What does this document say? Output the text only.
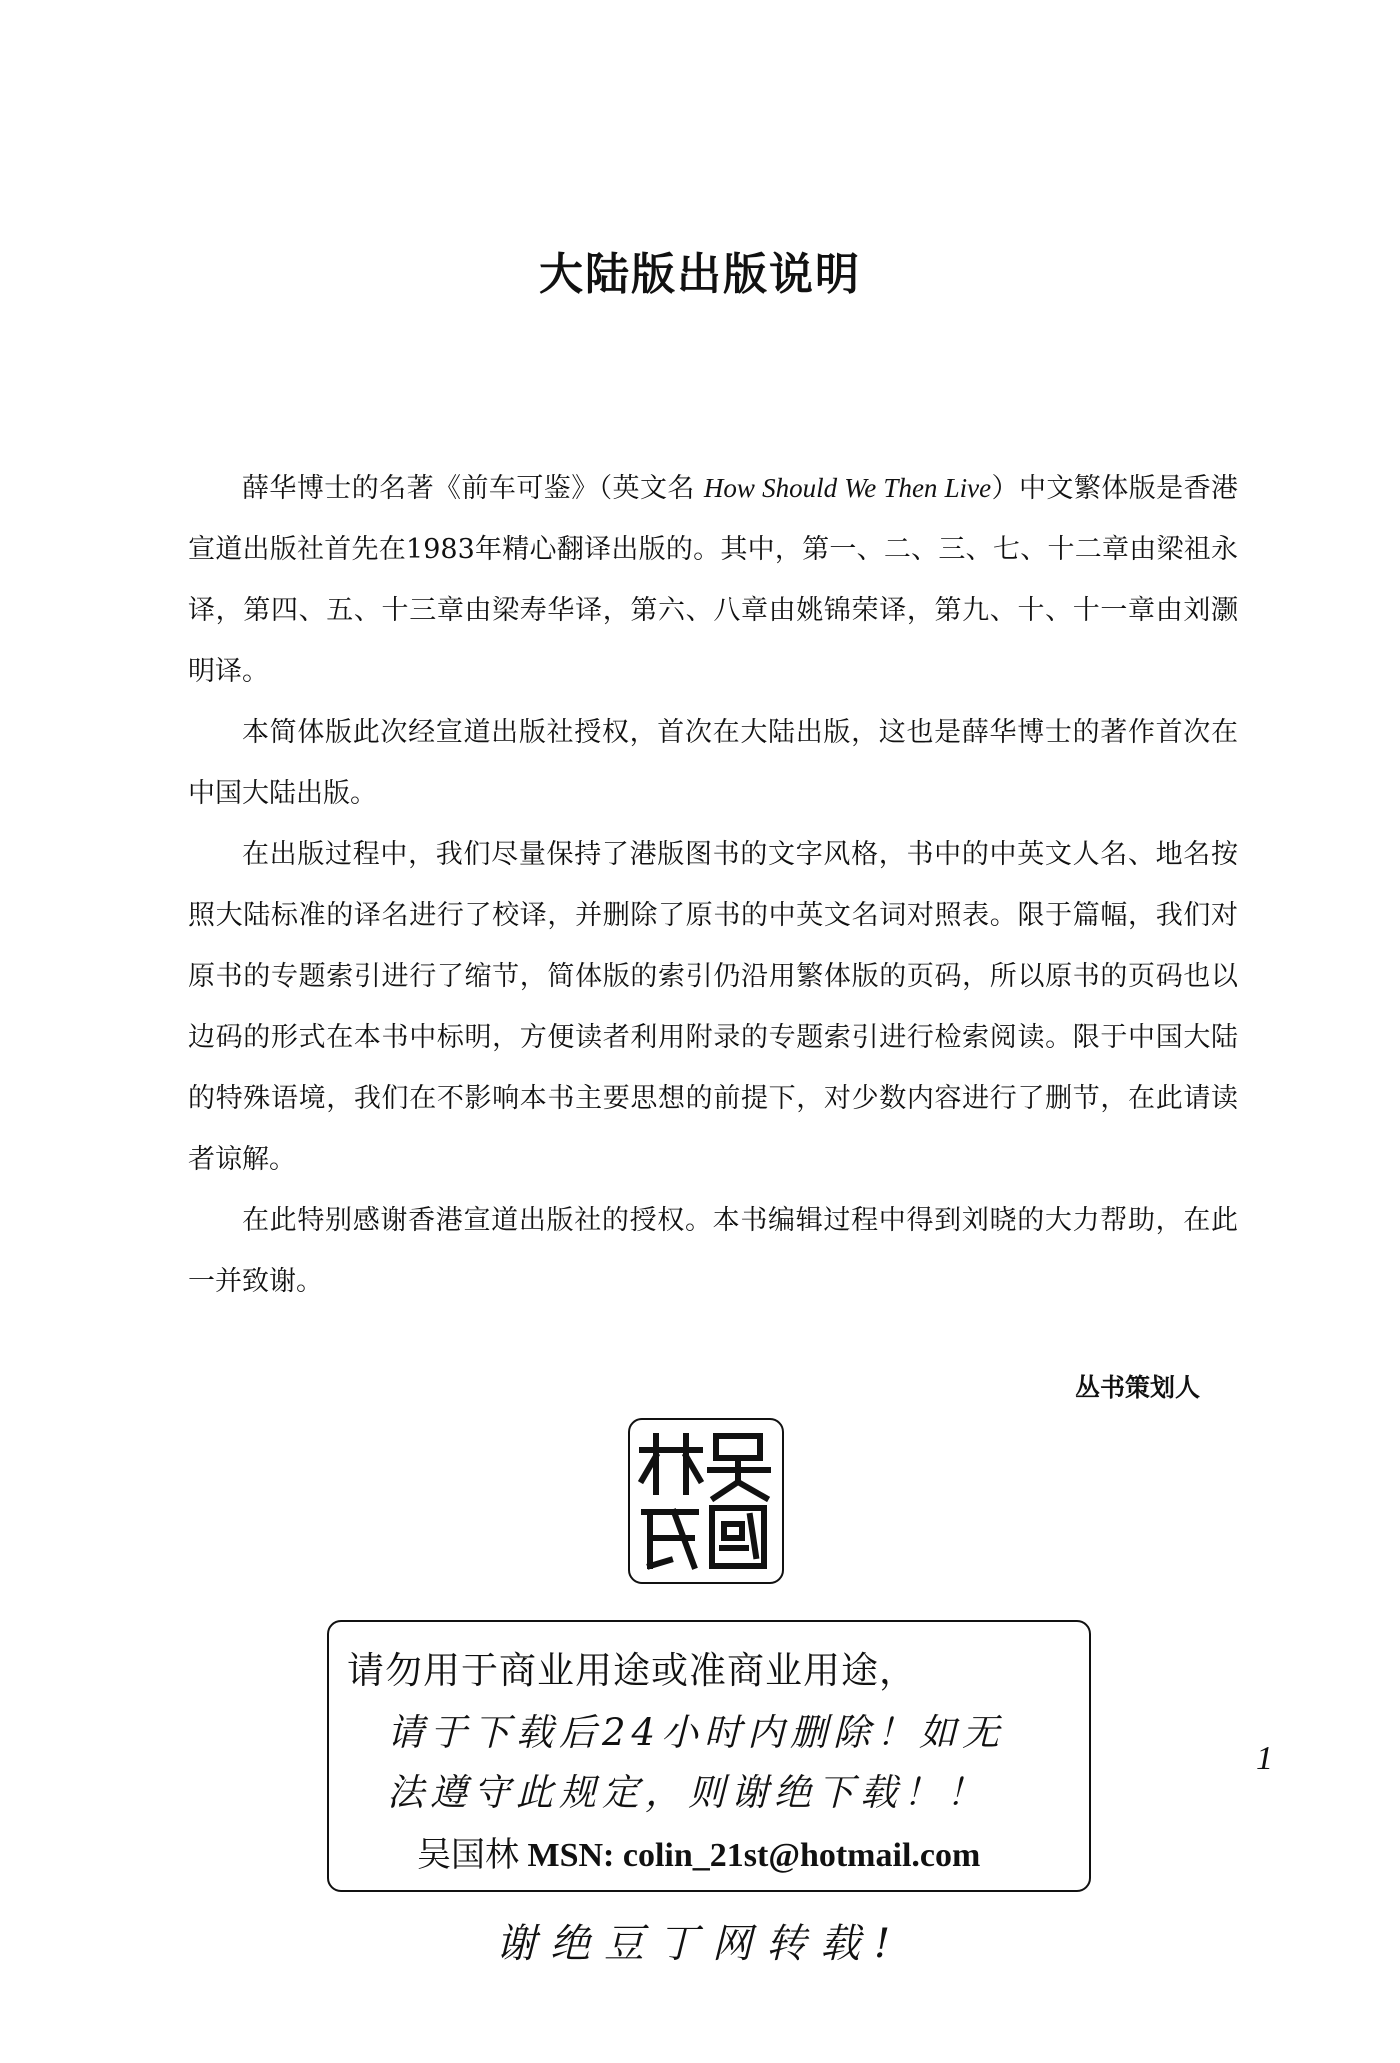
大陆版出版说明

薛华博士的名著《前车可鉴》（英文名 How Should We Then Live）中文繁体版是香港宣道出版社首先在1983年精心翻译出版的。其中，第一、二、三、七、十二章由梁祖永译，第四、五、十三章由梁寿华译，第六、八章由姚锦荣译，第九、十、十一章由刘灏明译。

本简体版此次经宣道出版社授权，首次在大陆出版，这也是薛华博士的著作首次在中国大陆出版。

在出版过程中，我们尽量保持了港版图书的文字风格，书中的中英文人名、地名按照大陆标准的译名进行了校译，并删除了原书的中英文名词对照表。限于篇幅，我们对原书的专题索引进行了缩节，简体版的索引仍沿用繁体版的页码，所以原书的页码也以边码的形式在本书中标明，方便读者利用附录的专题索引进行检索阅读。限于中国大陆的特殊语境，我们在不影响本书主要思想的前提下，对少数内容进行了删节，在此请读者谅解。

在此特别感谢香港宣道出版社的授权。本书编辑过程中得到刘晓的大力帮助，在此一并致谢。

丛书策划人
请勿用于商业用途或准商业用途，
请于下载后24小时内删除！如无
法遵守此规定，则谢绝下载！！
吴国林 MSN: colin_21st@hotmail.com
1
谢绝豆丁网转载!
